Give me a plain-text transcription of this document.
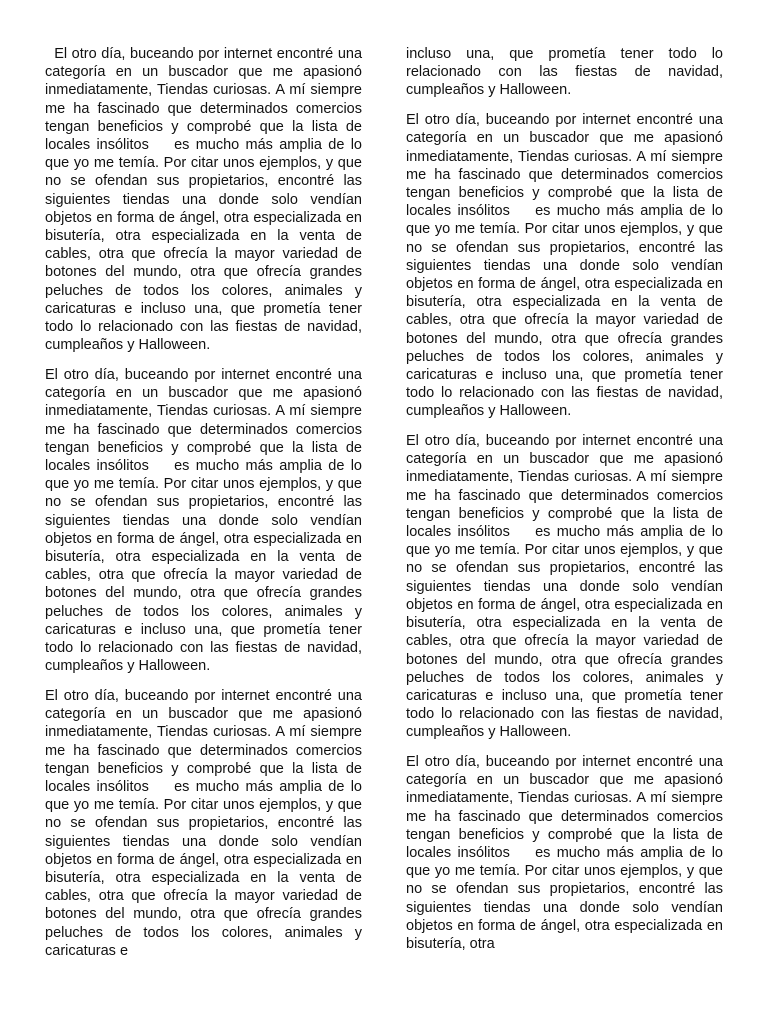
El otro día, buceando por internet encontré una categoría en un buscador que me apasionó inmediatamente, Tiendas curiosas. A mí siempre me ha fascinado que determinados comercios tengan beneficios y comprobé que la lista de locales insólitos    es mucho más amplia de lo que yo me temía. Por citar unos ejemplos, y que no se ofendan sus propietarios, encontré las siguientes tiendas una donde solo vendían objetos en forma de ángel, otra especializada en bisutería, otra especializada en la venta de cables, otra que ofrecía la mayor variedad de botones del mundo, otra que ofrecía grandes peluches de todos los colores, animales y caricaturas e incluso una, que prometía tener todo lo relacionado con las fiestas de navidad, cumpleaños y Halloween.

El otro día, buceando por internet encontré una categoría en un buscador que me apasionó inmediatamente, Tiendas curiosas. A mí siempre me ha fascinado que determinados comercios tengan beneficios y comprobé que la lista de locales insólitos    es mucho más amplia de lo que yo me temía. Por citar unos ejemplos, y que no se ofendan sus propietarios, encontré las siguientes tiendas una donde solo vendían objetos en forma de ángel, otra especializada en bisutería, otra especializada en la venta de cables, otra que ofrecía la mayor variedad de botones del mundo, otra que ofrecía grandes peluches de todos los colores, animales y caricaturas e incluso una, que prometía tener todo lo relacionado con las fiestas de navidad, cumpleaños y Halloween.

El otro día, buceando por internet encontré una categoría en un buscador que me apasionó inmediatamente, Tiendas curiosas. A mí siempre me ha fascinado que determinados comercios tengan beneficios y comprobé que la lista de locales insólitos    es mucho más amplia de lo que yo me temía. Por citar unos ejemplos, y que no se ofendan sus propietarios, encontré las siguientes tiendas una donde solo vendían objetos en forma de ángel, otra especializada en bisutería, otra especializada en la venta de cables, otra que ofrecía la mayor variedad de botones del mundo, otra que ofrecía grandes peluches de todos los colores, animales y caricaturas e

incluso una, que prometía tener todo lo relacionado con las fiestas de navidad, cumpleaños y Halloween.

El otro día, buceando por internet encontré una categoría en un buscador que me apasionó inmediatamente, Tiendas curiosas. A mí siempre me ha fascinado que determinados comercios tengan beneficios y comprobé que la lista de locales insólitos    es mucho más amplia de lo que yo me temía. Por citar unos ejemplos, y que no se ofendan sus propietarios, encontré las siguientes tiendas una donde solo vendían objetos en forma de ángel, otra especializada en bisutería, otra especializada en la venta de cables, otra que ofrecía la mayor variedad de botones del mundo, otra que ofrecía grandes peluches de todos los colores, animales y caricaturas e incluso una, que prometía tener todo lo relacionado con las fiestas de navidad, cumpleaños y Halloween.

El otro día, buceando por internet encontré una categoría en un buscador que me apasionó inmediatamente, Tiendas curiosas. A mí siempre me ha fascinado que determinados comercios tengan beneficios y comprobé que la lista de locales insólitos    es mucho más amplia de lo que yo me temía. Por citar unos ejemplos, y que no se ofendan sus propietarios, encontré las siguientes tiendas una donde solo vendían objetos en forma de ángel, otra especializada en bisutería, otra especializada en la venta de cables, otra que ofrecía la mayor variedad de botones del mundo, otra que ofrecía grandes peluches de todos los colores, animales y caricaturas e incluso una, que prometía tener todo lo relacionado con las fiestas de navidad, cumpleaños y Halloween.

El otro día, buceando por internet encontré una categoría en un buscador que me apasionó inmediatamente, Tiendas curiosas. A mí siempre me ha fascinado que determinados comercios tengan beneficios y comprobé que la lista de locales insólitos    es mucho más amplia de lo que yo me temía. Por citar unos ejemplos, y que no se ofendan sus propietarios, encontré las siguientes tiendas una donde solo vendían objetos en forma de ángel, otra especializada en bisutería, otra
